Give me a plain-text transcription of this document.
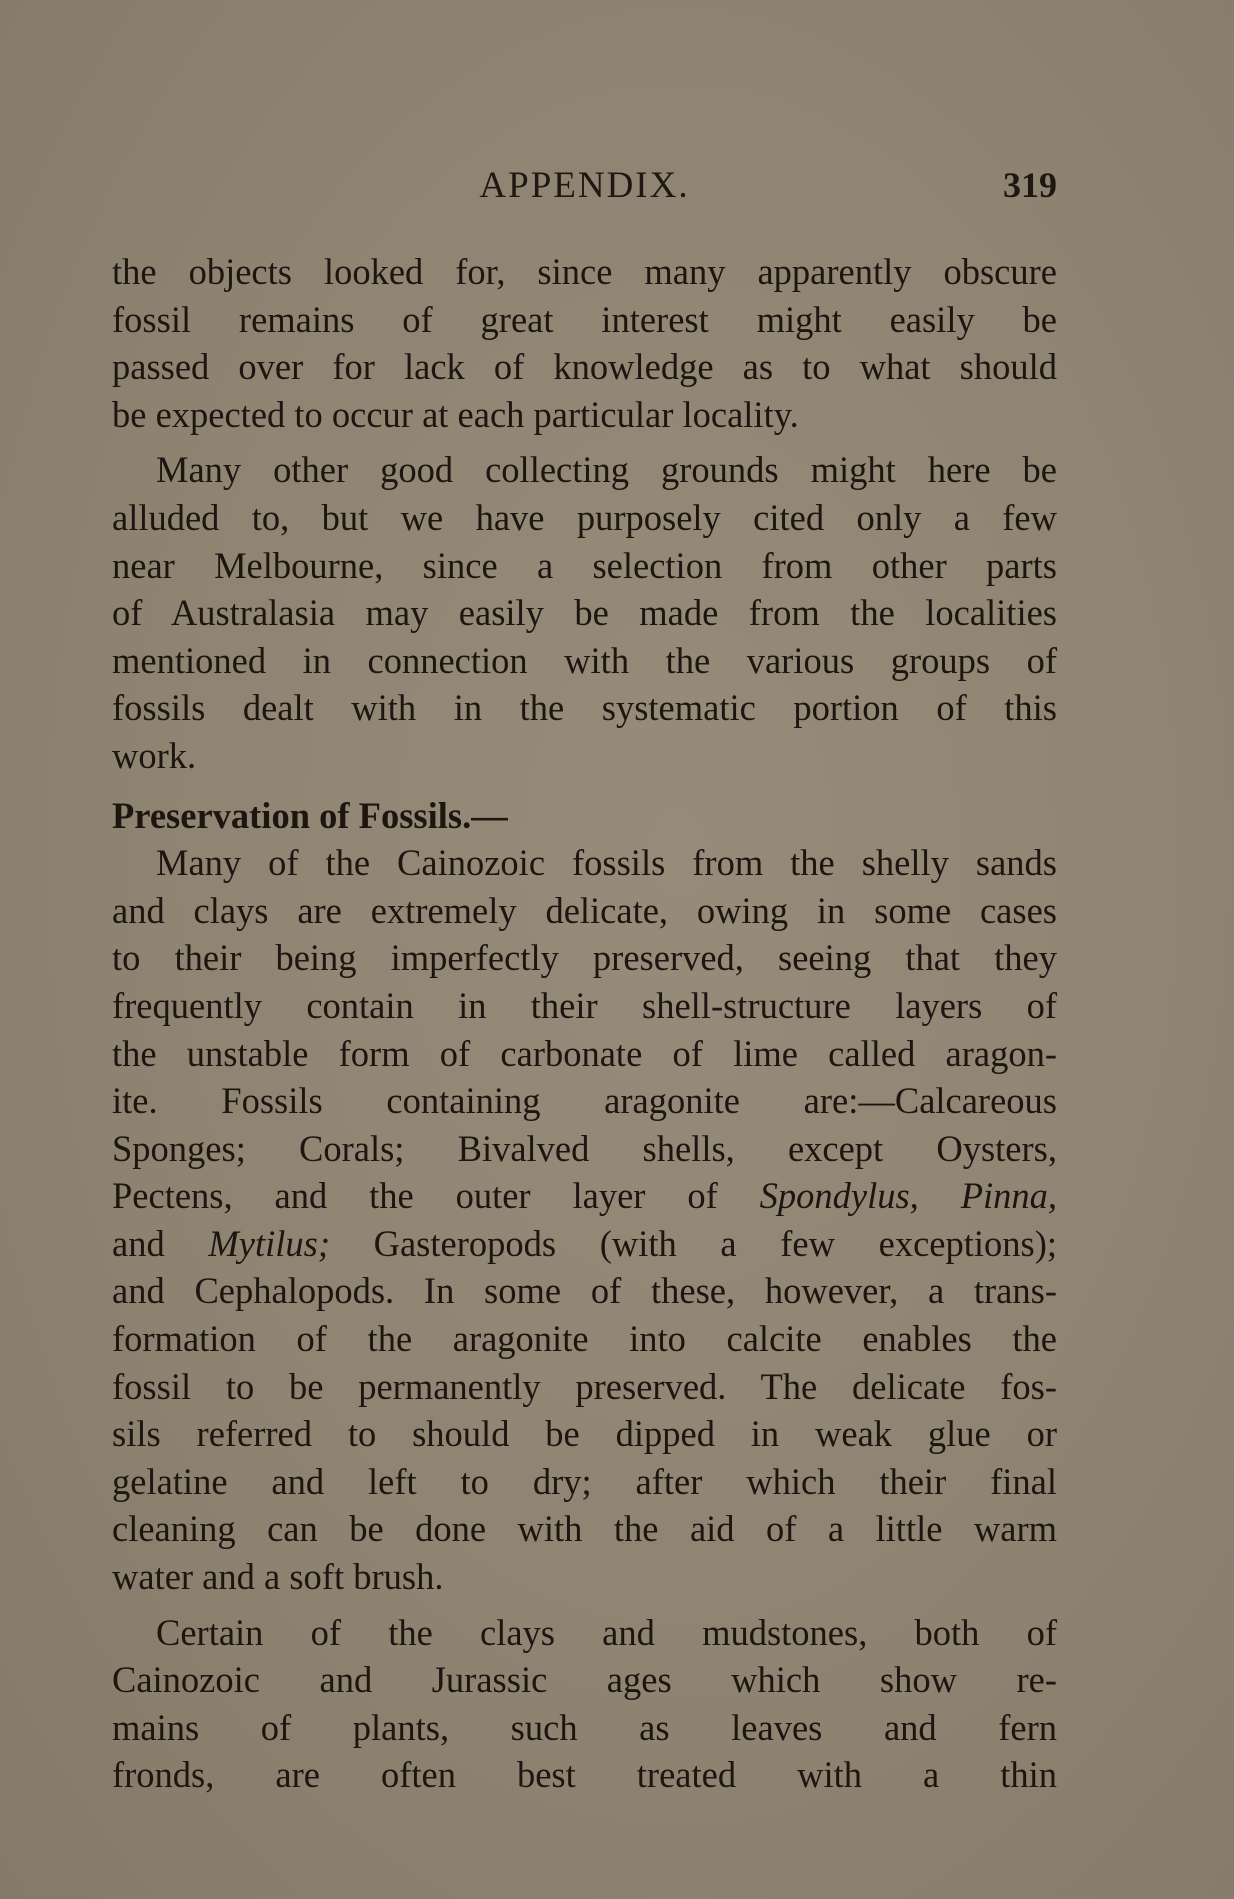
APPENDIX.	319
the objects looked for, since many apparently obscure
fossil remains of great interest might easily be
passed over for lack of knowledge as to what should
be expected to occur at each particular locality.
Many other good collecting grounds might here be
alluded to, but we have purposely cited only a few
near Melbourne, since a selection from other parts
of Australasia may easily be made from the localities
mentioned in connection with the various groups of
fossils dealt with in the systematic portion of this
work.
Preservation of Fossils.—
Many of the Cainozoic fossils from the shelly sands
and clays are extremely delicate, owing in some cases
to their being imperfectly preserved, seeing that they
frequently contain in their shell-structure layers of
the unstable form of carbonate of lime called aragon-
ite. Fossils containing aragonite are:—Calcareous
Sponges; Corals; Bivalved shells, except Oysters,
Pectens, and the outer layer of Spondylus, Pinna,
and Mytilus; Gasteropods (with a few exceptions);
and Cephalopods. In some of these, however, a trans-
formation of the aragonite into calcite enables the
fossil to be permanently preserved. The delicate fos-
sils referred to should be dipped in weak glue or
gelatine and left to dry; after which their final
cleaning can be done with the aid of a little warm
water and a soft brush.
Certain of the clays and mudstones, both of
Cainozoic and Jurassic ages which show re-
mains of plants, such as leaves and fern
fronds, are often best treated with a thin
